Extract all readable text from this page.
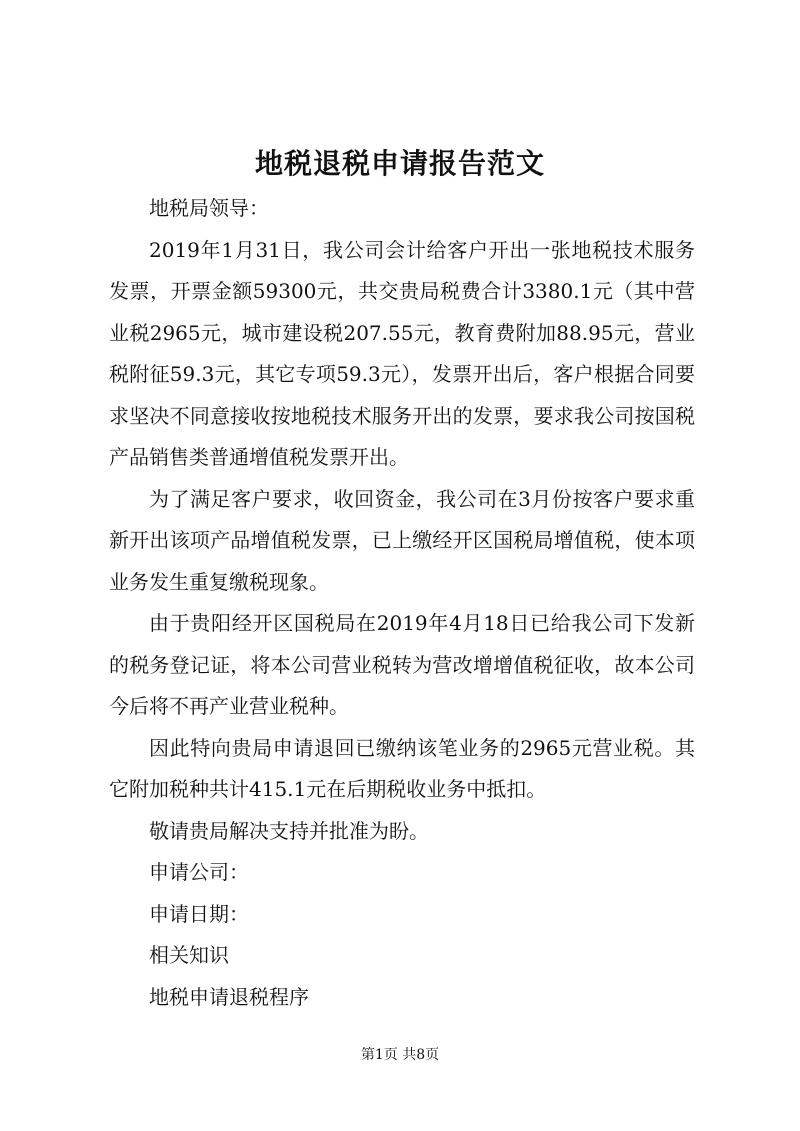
地税退税申请报告范文

地税局领导：

2019年1月31日，我公司会计给客户开出一张地税技术服务发票，开票金额59300元，共交贵局税费合计3380.1元（其中营业税2965元，城市建设税207.55元，教育费附加88.95元，营业税附征59.3元，其它专项59.3元），发票开出后，客户根据合同要求坚决不同意接收按地税技术服务开出的发票，要求我公司按国税产品销售类普通增值税发票开出。

为了满足客户要求，收回资金，我公司在3月份按客户要求重新开出该项产品增值税发票，已上缴经开区国税局增值税，使本项业务发生重复缴税现象。

由于贵阳经开区国税局在2019年4月18日已给我公司下发新的税务登记证，将本公司营业税转为营改增增值税征收，故本公司今后将不再产业营业税种。

因此特向贵局申请退回已缴纳该笔业务的2965元营业税。其它附加税种共计415.1元在后期税收业务中抵扣。

敬请贵局解决支持并批准为盼。

申请公司：

申请日期：

相关知识

地税申请退税程序

第1页 共8页
